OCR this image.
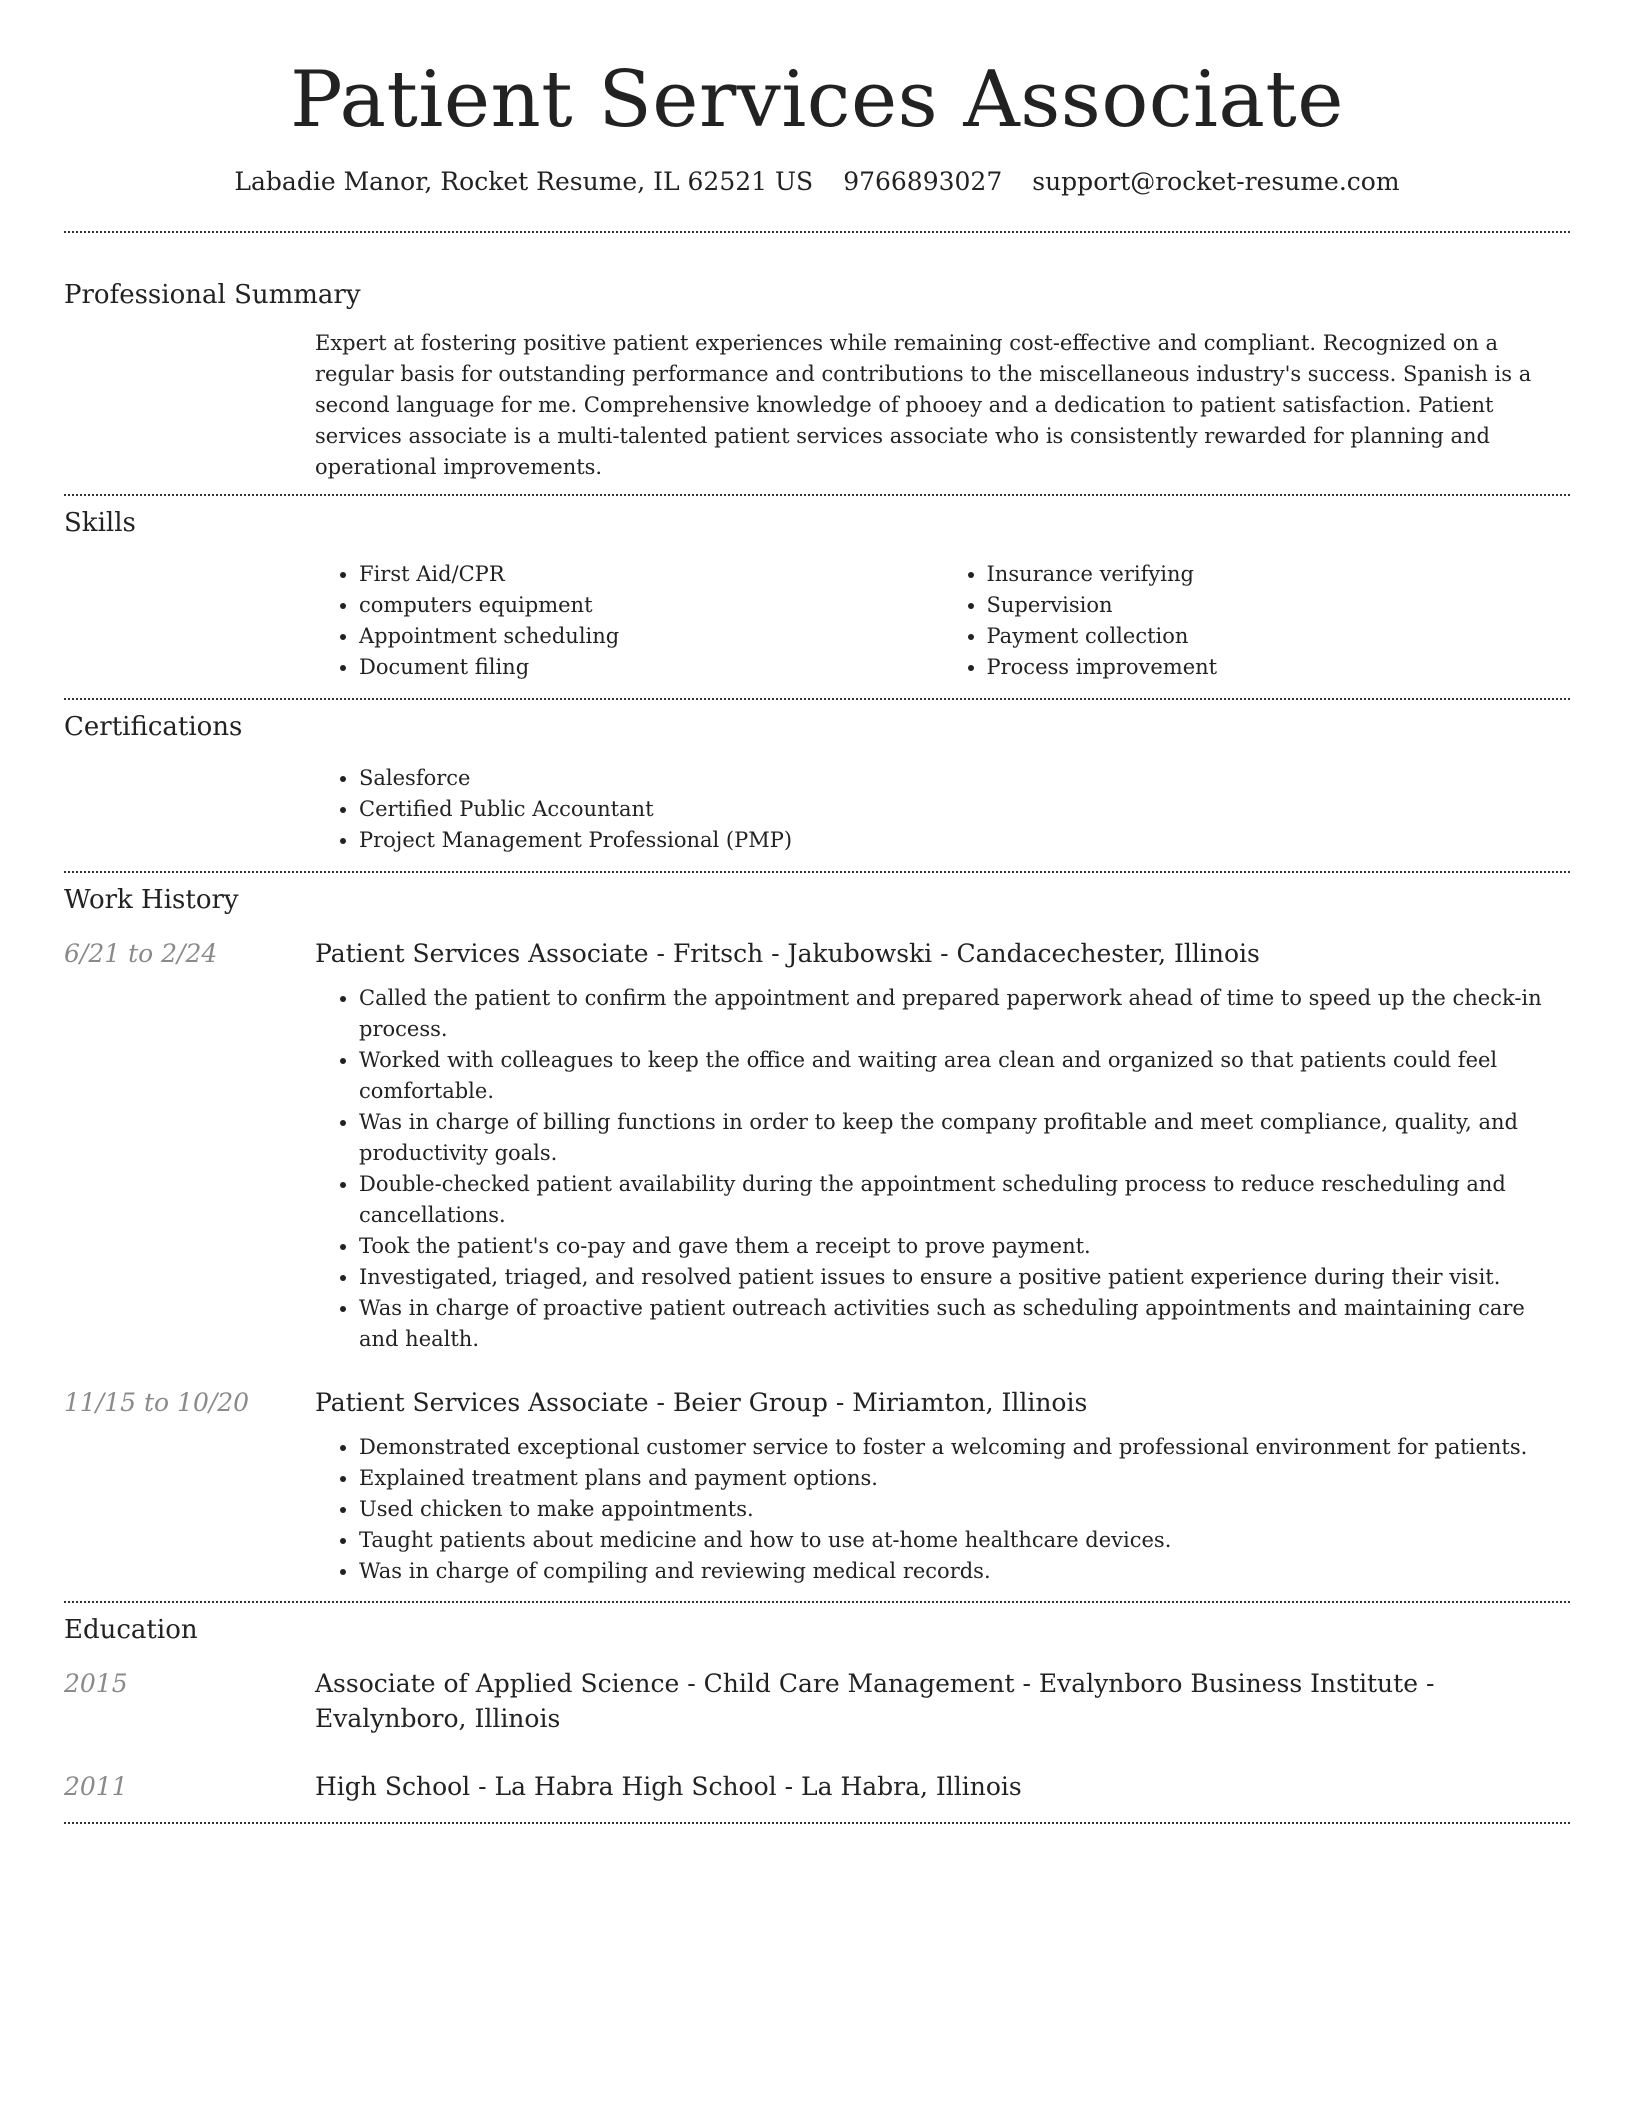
Patient Services Associate
Labadie Manor, Rocket Resume, IL 62521 US 9766893027 support@rocket-resume.com
Professional Summary

Expert at fostering positive patient experiences while remaining cost-effective and compliant. Recognized on a regular basis for outstanding performance and contributions to the miscellaneous industry's success. Spanish is a second language for me. Comprehensive knowledge of phooey and a dedication to patient satisfaction. Patient services associate is a multi-talented patient services associate who is consistently rewarded for planning and operational improvements.

Skills
• First Aid/CPR
• computers equipment
• Appointment scheduling
• Document filing
• Insurance verifying
• Supervision
• Payment collection
• Process improvement
Certifications
• Salesforce
• Certified Public Accountant
• Project Management Professional (PMP)
Work History
6/21 to 2/24	Patient Services Associate - Fritsch - Jakubowski - Candacechester, Illinois
• Called the patient to confirm the appointment and prepared paperwork ahead of time to speed up the check-in process.
• Worked with colleagues to keep the office and waiting area clean and organized so that patients could feel comfortable.
• Was in charge of billing functions in order to keep the company profitable and meet compliance, quality, and productivity goals.
• Double-checked patient availability during the appointment scheduling process to reduce rescheduling and cancellations.
• Took the patient's co-pay and gave them a receipt to prove payment.
• Investigated, triaged, and resolved patient issues to ensure a positive patient experience during their visit.
• Was in charge of proactive patient outreach activities such as scheduling appointments and maintaining care and health.
11/15 to 10/20	Patient Services Associate - Beier Group - Miriamton, Illinois
• Demonstrated exceptional customer service to foster a welcoming and professional environment for patients.
• Explained treatment plans and payment options.
• Used chicken to make appointments.
• Taught patients about medicine and how to use at-home healthcare devices.
• Was in charge of compiling and reviewing medical records.
Education
2015	Associate of Applied Science - Child Care Management - Evalynboro Business Institute - Evalynboro, Illinois
2011	High School - La Habra High School - La Habra, Illinois
